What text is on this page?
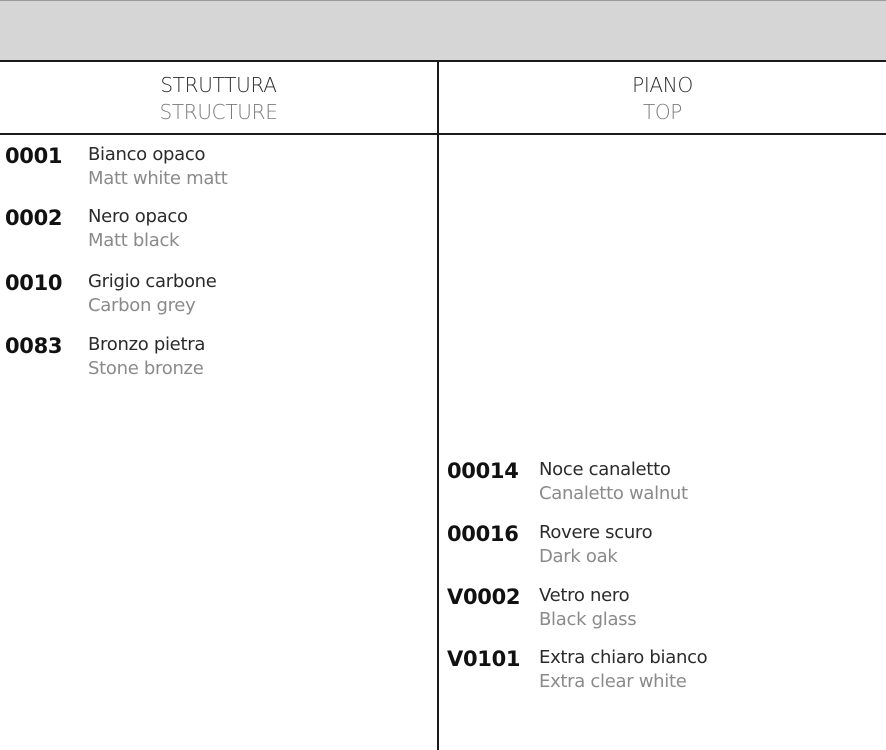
STRUTTURA
STRUCTURE
PIANO
TOP
0001 Bianco opaco
Matt white matt
0002 Nero opaco
Matt black
0010 Grigio carbone
Carbon grey
0083 Bronzo pietra
Stone bronze
00014 Noce canaletto
Canaletto walnut
00016 Rovere scuro
Dark oak
V0002 Vetro nero
Black glass
V0101 Extra chiaro bianco
Extra clear white
